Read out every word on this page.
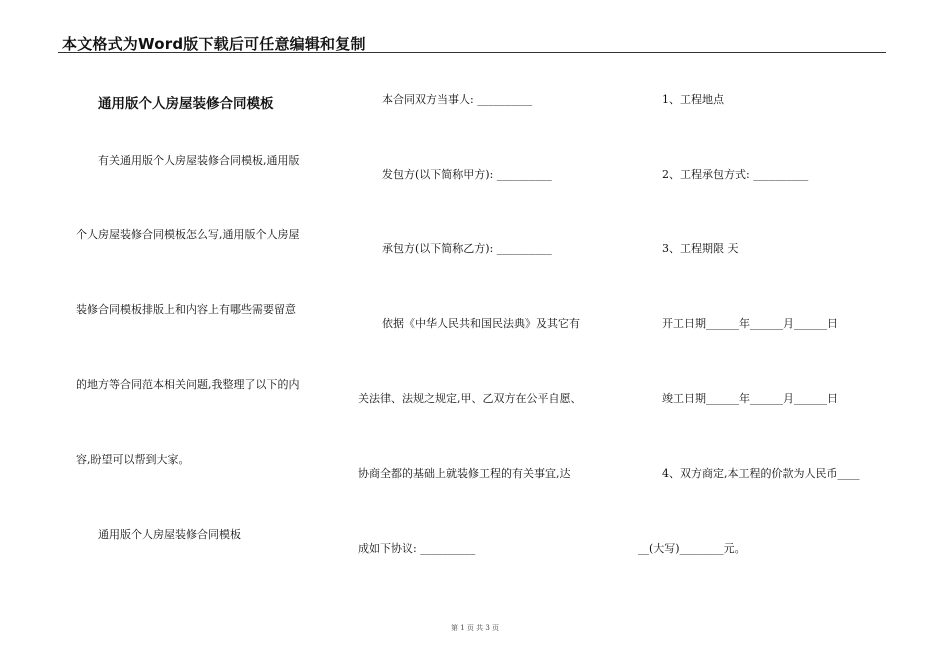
本文格式为Word版下载后可任意编辑和复制
通用版个人房屋装修合同模板
有关通用版个人房屋装修合同模板,通用版
个人房屋装修合同模板怎么写,通用版个人房屋
装修合同模板排版上和内容上有哪些需要留意
的地方等合同范本相关问题,我整理了以下的内
容,盼望可以帮到大家。
通用版个人房屋装修合同模板
本合同双方当事人: __________
发包方(以下简称甲方): __________
承包方(以下简称乙方): __________
依据《中华人民共和国民法典》及其它有
关法律、法规之规定,甲、乙双方在公平自愿、
协商全都的基础上就装修工程的有关事宜,达
成如下协议: __________
1、工程地点
2、工程承包方式: __________
3、工程期限 天
开工日期______年______月______日
竣工日期______年______月______日
4、双方商定,本工程的价款为人民币____
__(大写)________元。
第 1 页 共 3 页
